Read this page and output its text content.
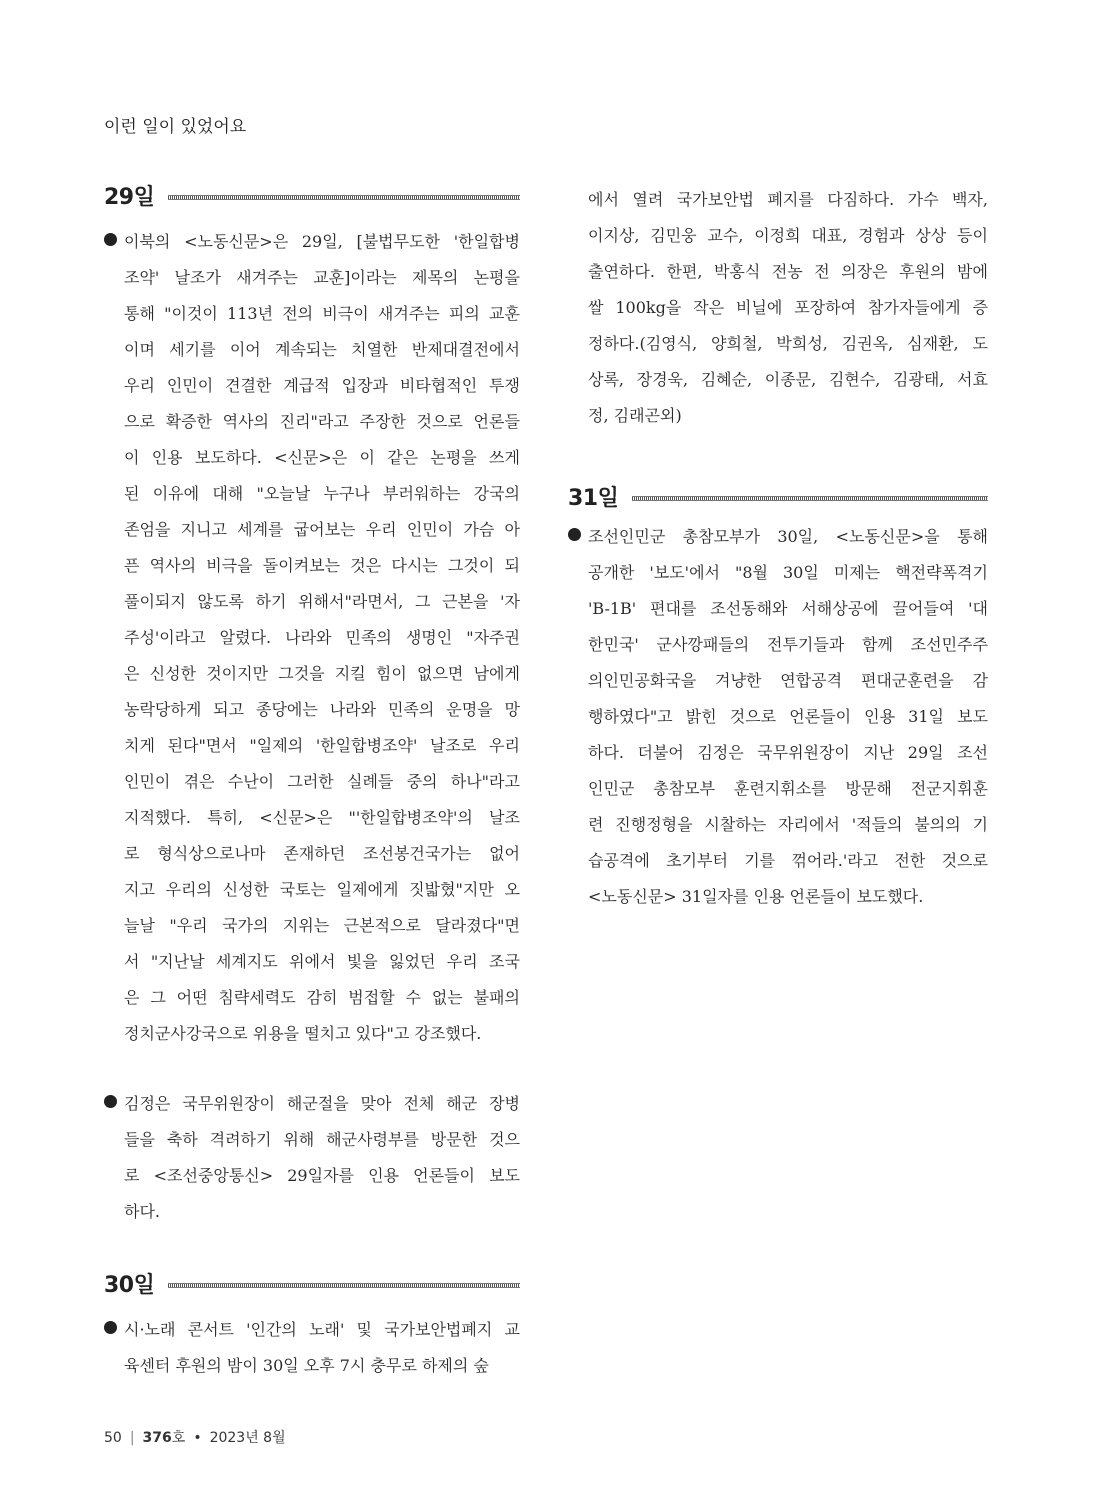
이런 일이 있었어요
29일
이북의 <노동신문>은 29일, [불법무도한 '한일합병
조약' 날조가 새겨주는 교훈]이라는 제목의 논평을
통해 "이것이 113년 전의 비극이 새겨주는 피의 교훈
이며 세기를 이어 계속되는 치열한 반제대결전에서
우리 인민이 견결한 계급적 입장과 비타협적인 투쟁
으로 확증한 역사의 진리"라고 주장한 것으로 언론들
이 인용 보도하다. <신문>은 이 같은 논평을 쓰게
된 이유에 대해 "오늘날 누구나 부러워하는 강국의
존엄을 지니고 세계를 굽어보는 우리 인민이 가슴 아
픈 역사의 비극을 돌이켜보는 것은 다시는 그것이 되
풀이되지 않도록 하기 위해서"라면서, 그 근본을 '자
주성'이라고 알렸다. 나라와 민족의 생명인 "자주권
은 신성한 것이지만 그것을 지킬 힘이 없으면 남에게
농락당하게 되고 종당에는 나라와 민족의 운명을 망
치게 된다"면서 "일제의 '한일합병조약' 날조로 우리
인민이 겪은 수난이 그러한 실례들 중의 하나"라고
지적했다. 특히, <신문>은 "'한일합병조약'의 날조
로 형식상으로나마 존재하던 조선봉건국가는 없어
지고 우리의 신성한 국토는 일제에게 짓밟혔"지만 오
늘날 "우리 국가의 지위는 근본적으로 달라졌다"면
서 "지난날 세계지도 위에서 빛을 잃었던 우리 조국
은 그 어떤 침략세력도 감히 범접할 수 없는 불패의
정치군사강국으로 위용을 떨치고 있다"고 강조했다.
김정은 국무위원장이 해군절을 맞아 전체 해군 장병
들을 축하 격려하기 위해 해군사령부를 방문한 것으
로 <조선중앙통신> 29일자를 인용 언론들이 보도
하다.
30일
시·노래 콘서트 '인간의 노래' 및 국가보안법폐지 교
육센터 후원의 밤이 30일 오후 7시 충무로 하제의 숲
에서 열려 국가보안법 폐지를 다짐하다. 가수 백자,
이지상, 김민웅 교수, 이정희 대표, 경험과 상상 등이
출연하다. 한편, 박홍식 전농 전 의장은 후원의 밤에
쌀 100kg을 작은 비닐에 포장하여 참가자들에게 증
정하다.(김영식, 양희철, 박희성, 김권옥, 심재환, 도
상록, 장경욱, 김혜순, 이종문, 김현수, 김광태, 서효
정, 김래곤외)
31일
조선인민군 총참모부가 30일, <노동신문>을 통해
공개한 '보도'에서 "8월 30일 미제는 핵전략폭격기
'B-1B' 편대를 조선동해와 서해상공에 끌어들여 '대
한민국' 군사깡패들의 전투기들과 함께 조선민주주
의인민공화국을 겨냥한 연합공격 편대군훈련을 감
행하였다"고 밝힌 것으로 언론들이 인용 31일 보도
하다. 더불어 김정은 국무위원장이 지난 29일 조선
인민군 총참모부 훈련지휘소를 방문해 전군지휘훈
련 진행정형을 시찰하는 자리에서 '적들의 불의의 기
습공격에 초기부터 기를 꺾어라.'라고 전한 것으로
<노동신문> 31일자를 인용 언론들이 보도했다.
50 | 376호 • 2023년 8월
